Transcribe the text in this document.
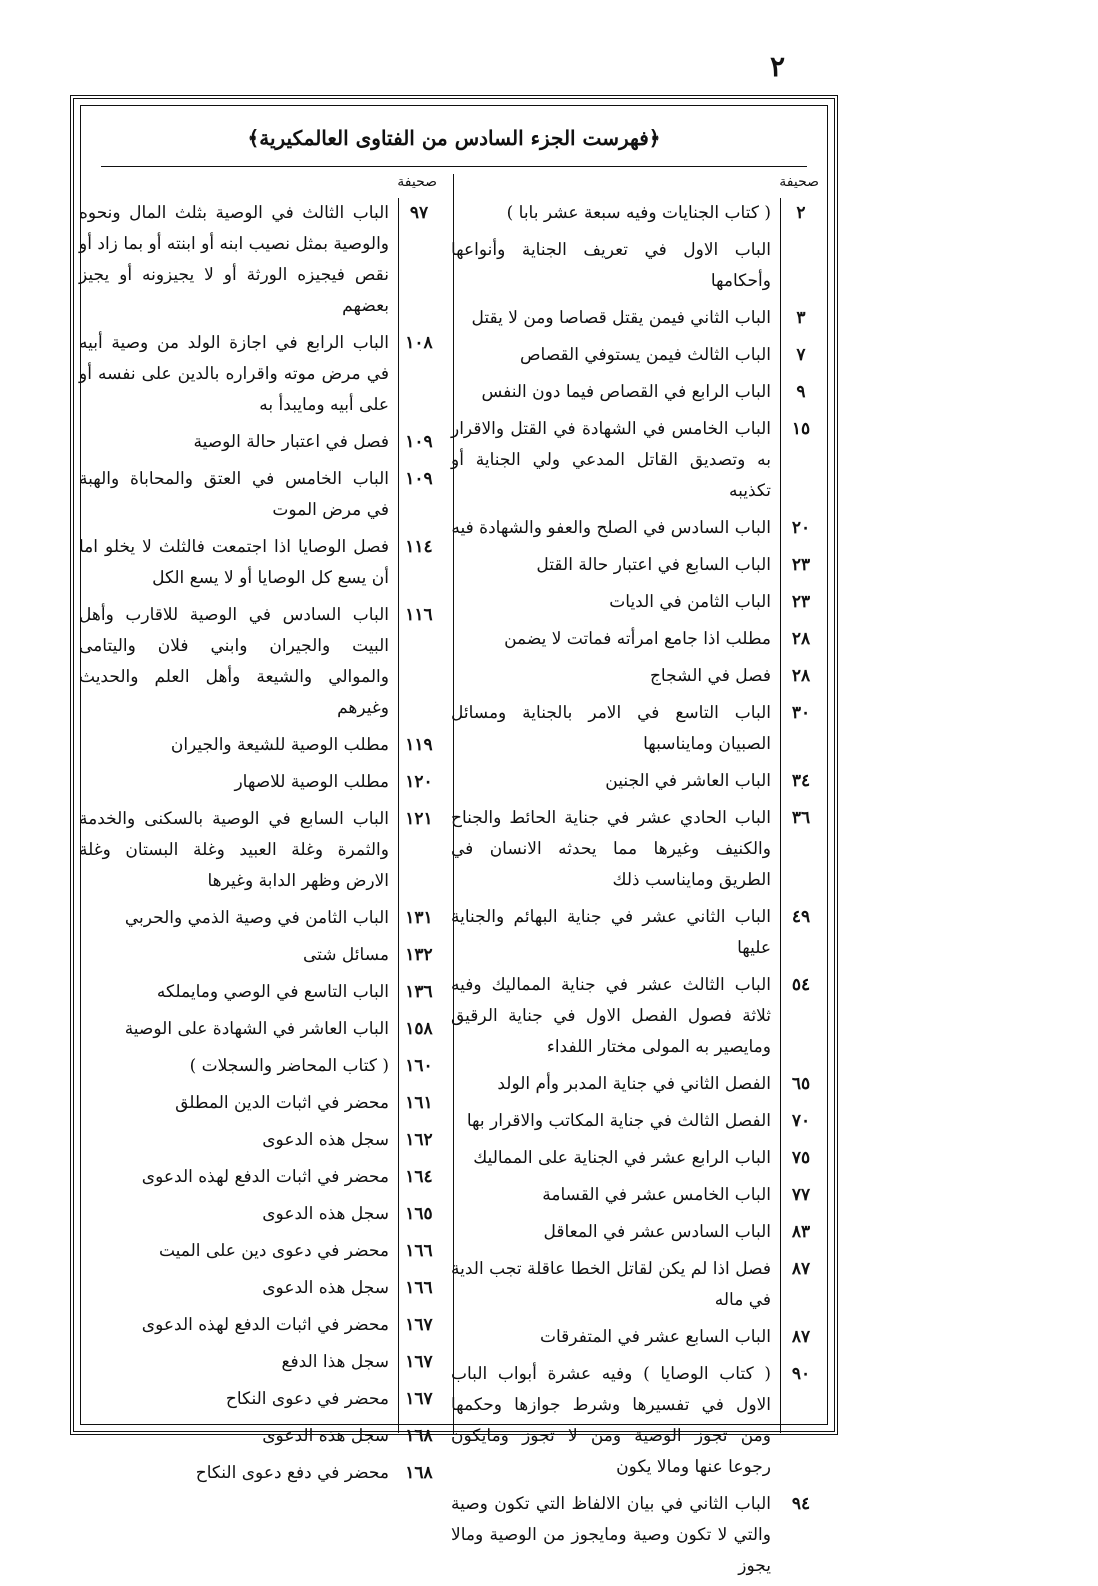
٢
﴿فهرست الجزء السادس من الفتاوى العالمكيرية﴾
صحيفة
صحيفة
٢
( كتاب الجنايات وفيه سبعة عشر بابا )
الباب الاول في تعريف الجناية وأنواعها وأحكامها
٣
الباب الثاني فيمن يقتل قصاصا ومن لا يقتل
٧
الباب الثالث فيمن يستوفي القصاص
٩
الباب الرابع في القصاص فيما دون النفس
١٥
الباب الخامس في الشهادة في القتل والاقرار به وتصديق القاتل المدعي ولي الجناية أو تكذيبه
٢٠
الباب السادس في الصلح والعفو والشهادة فيه
٢٣
الباب السابع في اعتبار حالة القتل
٢٣
الباب الثامن في الديات
٢٨
مطلب اذا جامع امرأته فماتت لا يضمن
٢٨
فصل في الشجاج
٣٠
الباب التاسع في الامر بالجناية ومسائل الصبيان ومايناسبها
٣٤
الباب العاشر في الجنين
٣٦
الباب الحادي عشر في جناية الحائط والجناح والكنيف وغيرها مما يحدثه الانسان في الطريق ومايناسب ذلك
٤٩
الباب الثاني عشر في جناية البهائم والجناية عليها
٥٤
الباب الثالث عشر في جناية المماليك وفيه ثلاثة فصول الفصل الاول في جناية الرقيق ومايصير به المولى مختار اللفداء
٦٥
الفصل الثاني في جناية المدبر وأم الولد
٧٠
الفصل الثالث في جناية المكاتب والاقرار بها
٧٥
الباب الرابع عشر في الجناية على المماليك
٧٧
الباب الخامس عشر في القسامة
٨٣
الباب السادس عشر في المعاقل
٨٧
فصل اذا لم يكن لقاتل الخطا عاقلة تجب الدية في ماله
٨٧
الباب السابع عشر في المتفرقات
٩٠
( كتاب الوصايا ) وفيه عشرة أبواب الباب الاول في تفسيرها وشرط جوازها وحكمها ومن تجوز الوصية ومن لا تجوز ومايكون رجوعا عنها ومالا يكون
٩٤
الباب الثاني في بيان الالفاظ التي تكون وصية والتي لا تكون وصية ومايجوز من الوصية ومالا يجوز
٩٧
الباب الثالث في الوصية بثلث المال ونحوه والوصية بمثل نصيب ابنه أو ابنته أو بما زاد أو نقص فيجيزه الورثة أو لا يجيزونه أو يجيز بعضهم
١٠٨
الباب الرابع في اجازة الولد من وصية أبيه في مرض موته واقراره بالدين على نفسه أو على أبيه ومايبدأ به
١٠٩
فصل في اعتبار حالة الوصية
١٠٩
الباب الخامس في العتق والمحاباة والهبة في مرض الموت
١١٤
فصل الوصايا اذا اجتمعت فالثلث لا يخلو اما أن يسع كل الوصايا أو لا يسع الكل
١١٦
الباب السادس في الوصية للاقارب وأهل البيت والجيران وابني فلان واليتامى والموالي والشيعة وأهل العلم والحديث وغيرهم
١١٩
مطلب الوصية للشيعة والجيران
١٢٠
مطلب الوصية للاصهار
١٢١
الباب السابع في الوصية بالسكنى والخدمة والثمرة وغلة العبيد وغلة البستان وغلة الارض وظهر الدابة وغيرها
١٣١
الباب الثامن في وصية الذمي والحربي
١٣٢
مسائل شتى
١٣٦
الباب التاسع في الوصي ومايملكه
١٥٨
الباب العاشر في الشهادة على الوصية
١٦٠
( كتاب المحاضر والسجلات )
١٦١
محضر في اثبات الدين المطلق
١٦٢
سجل هذه الدعوى
١٦٤
محضر في اثبات الدفع لهذه الدعوى
١٦٥
سجل هذه الدعوى
١٦٦
محضر في دعوى دين على الميت
١٦٦
سجل هذه الدعوى
١٦٧
محضر في اثبات الدفع لهذه الدعوى
١٦٧
سجل هذا الدفع
١٦٧
محضر في دعوى النكاح
١٦٨
سجل هذه الدعوى
١٦٨
محضر في دفع دعوى النكاح
